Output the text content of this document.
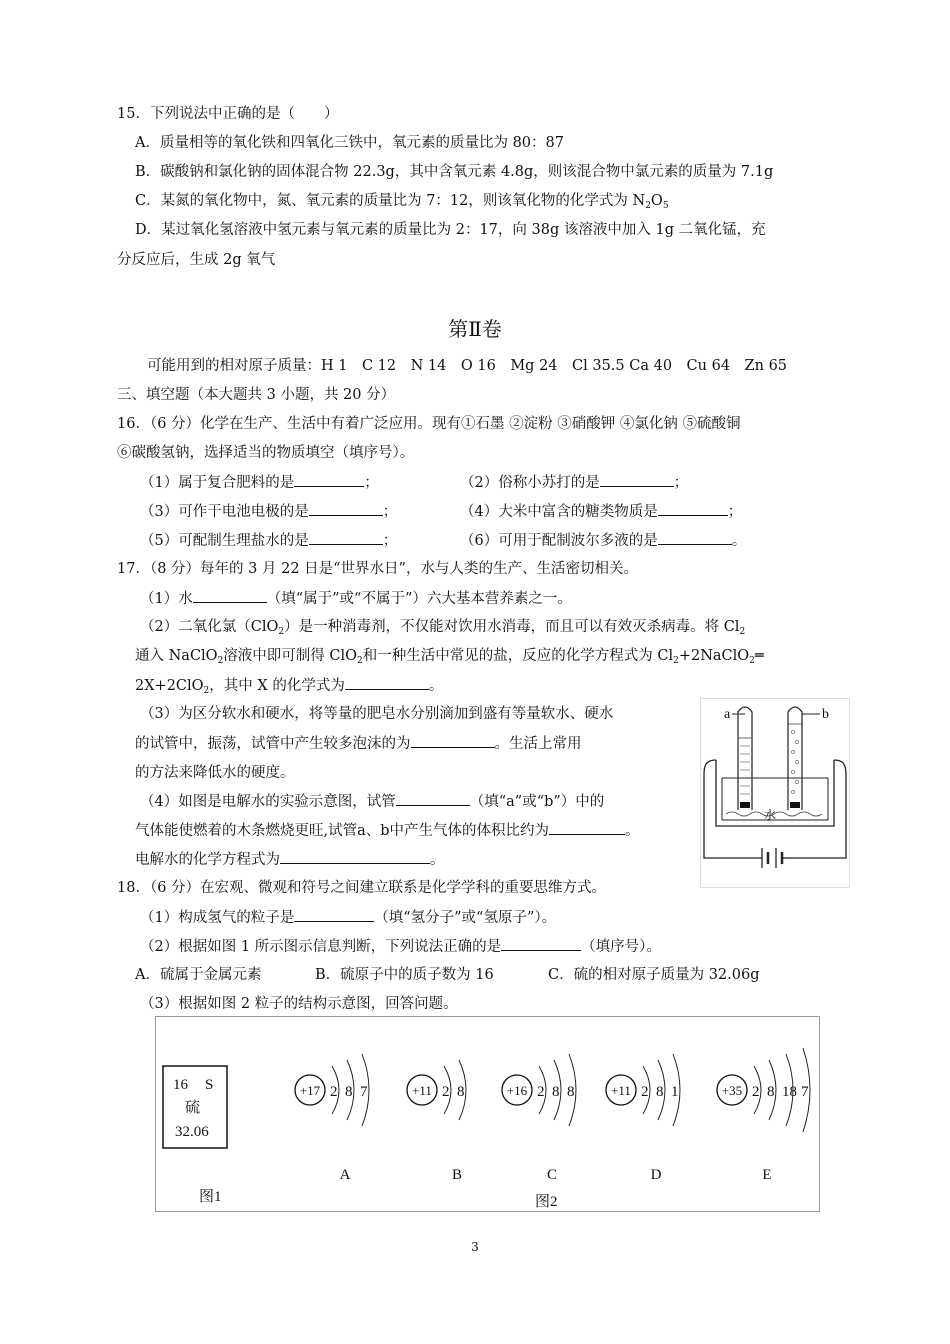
15．下列说法中正确的是（　　）
A．质量相等的氧化铁和四氧化三铁中，氧元素的质量比为 80：87
B．碳酸钠和氯化钠的固体混合物 22.3g，其中含氧元素 4.8g，则该混合物中氯元素的质量为 7.1g
C．某氮的氧化物中，氮、氧元素的质量比为 7：12，则该氧化物的化学式为 $N_2O_5$
D．某过氧化氢溶液中氢元素与氧元素的质量比为 2：17，向 38g 该溶液中加入 1g 二氧化锰，充
分反应后，生成 2g 氧气
第Ⅱ卷
可能用到的相对原子质量：H 1　C 12　N 14　O 16　Mg 24　Cl 35.5 Ca 40　Cu 64　Zn 65
三、填空题（本大题共 3 小题，共 20 分）
16．（6 分）化学在生产、生活中有着广泛应用。现有①石墨 ②淀粉 ③硝酸钾 ④氯化钠 ⑤硫酸铜
⑥碳酸氢钠，选择适当的物质填空（填序号）。
（1）属于复合肥料的是	；	（2）俗称小苏打的是	；
（3）可作干电池电极的是	；	（4）大米中富含的糖类物质是	；
（5）可配制生理盐水的是	；	（6）可用于配制波尔多液的是	。
17．（8 分）每年的 3 月 22 日是“世界水日”，水与人类的生产、生活密切相关。
（1）水	（填“属于”或“不属于”）六大基本营养素之一。
（2）二氧化氯（ClO$_2$）是一种消毒剂，不仅能对饮用水消毒，而且可以有效灭杀病毒。将 $Cl_2$
通入 NaClO$_2$溶液中即可制得 ClO$_2$和一种生活中常见的盐，反应的化学方程式为 $Cl_2+2NaClO_2═$
2X+2ClO$_2$，其中 X 的化学式为	。
（3）为区分软水和硬水，将等量的肥皂水分别滴加到盛有等量软水、硬水
的试管中，振荡，试管中产生较多泡沫的为	。生活上常用
的方法来降低水的硬度。
（4）如图是电解水的实验示意图，试管	（填“a”或“b”）中的
气体能使燃着的木条燃烧更旺,试管a、b中产生气体的体积比约为	。
电解水的化学方程式为	。
a	b
水
18．（6 分）在宏观、微观和符号之间建立联系是化学学科的重要思维方式。
（1）构成氢气的粒子是	（填“氢分子”或“氢原子”）。
（2）根据如图 1 所示图示信息判断，下列说法正确的是	（填序号）。
A．硫属于金属元素	B．硫原子中的质子数为 16	C．硫的相对原子质量为 32.06g
（3）根据如图 2 粒子的结构示意图，回答问题。
16 S
硫
32.06
图1	图2
+17 2 8 7
A
+11 2 8
B
+16 2 8 8
C
+11 2 8 1
D
+35 2 8 18 7
E
3
